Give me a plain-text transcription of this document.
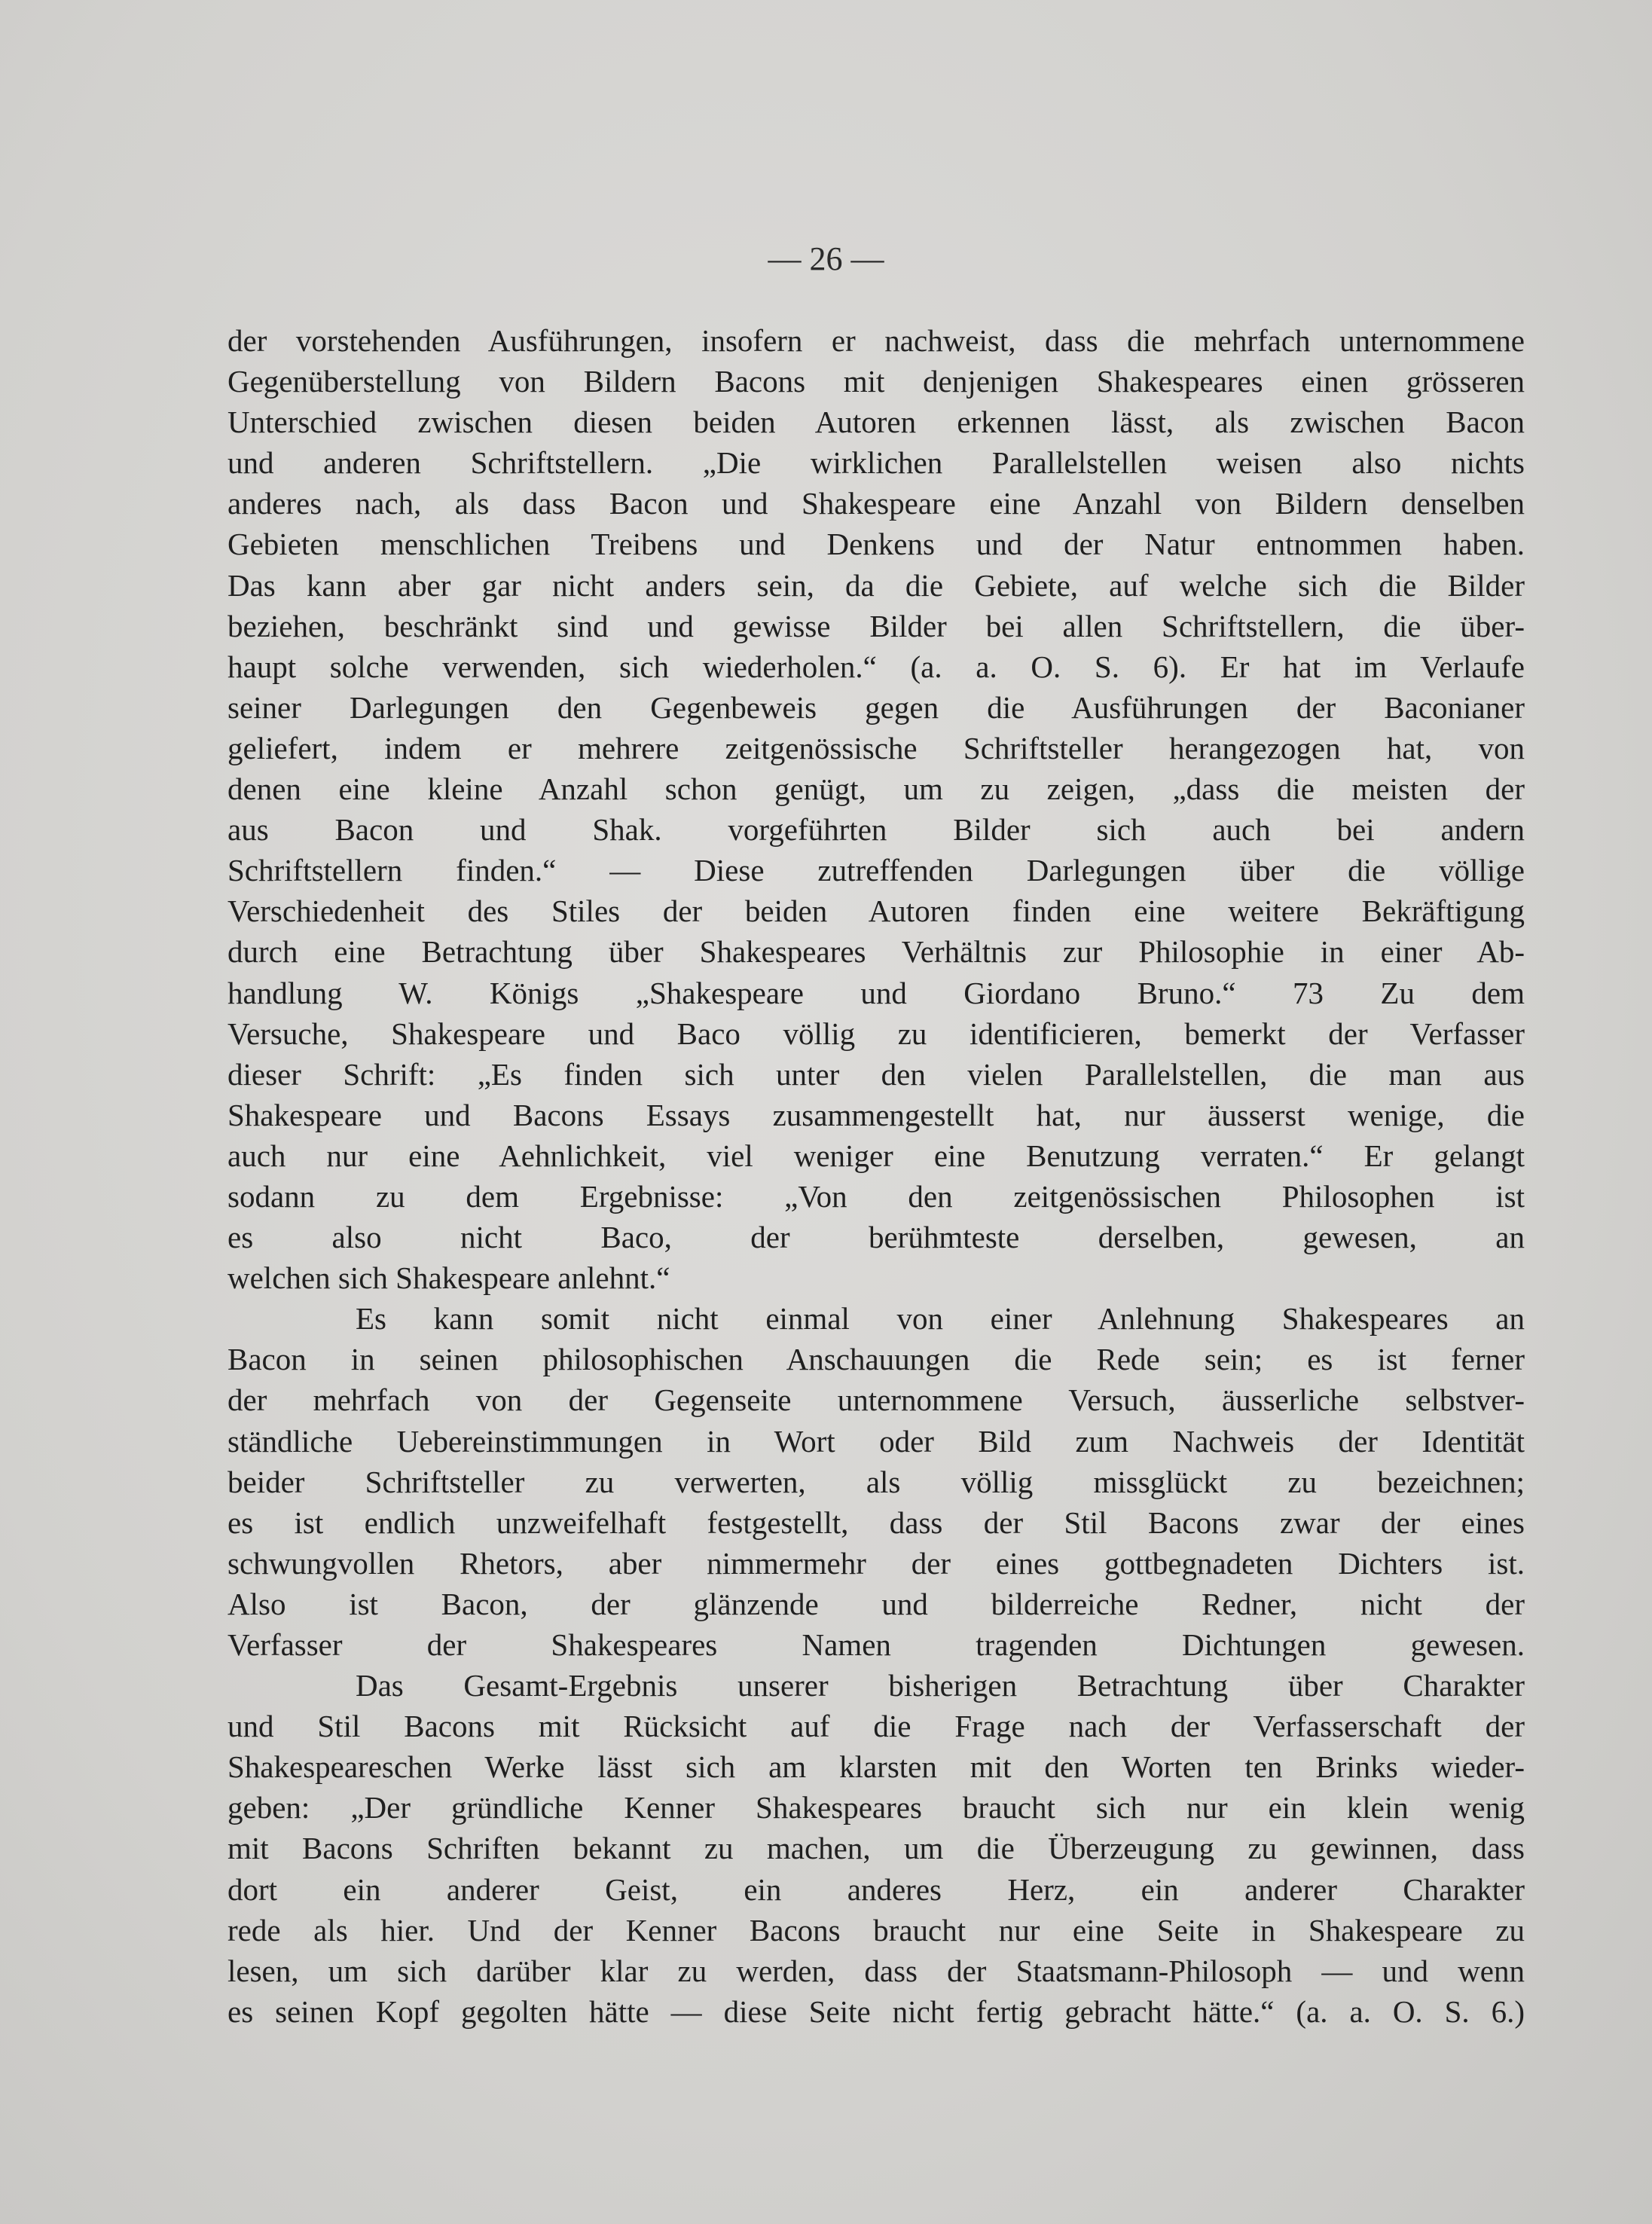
— 26 —
der vorstehenden Ausführungen, insofern er nachweist, dass die mehrfach unternommene
Gegenüberstellung von Bildern Bacons mit denjenigen Shakespeares einen grösseren
Unterschied zwischen diesen beiden Autoren erkennen lässt, als zwischen Bacon
und anderen Schriftstellern. „Die wirklichen Parallelstellen weisen also nichts
anderes nach, als dass Bacon und Shakespeare eine Anzahl von Bildern denselben
Gebieten menschlichen Treibens und Denkens und der Natur entnommen haben.
Das kann aber gar nicht anders sein, da die Gebiete, auf welche sich die Bilder
beziehen, beschränkt sind und gewisse Bilder bei allen Schriftstellern, die über-
haupt solche verwenden, sich wiederholen.“ (a. a. O. S. 6). Er hat im Verlaufe
seiner Darlegungen den Gegenbeweis gegen die Ausführungen der Baconianer
geliefert, indem er mehrere zeitgenössische Schriftsteller herangezogen hat, von
denen eine kleine Anzahl schon genügt, um zu zeigen, „dass die meisten der
aus Bacon und Shak. vorgeführten Bilder sich auch bei andern
Schriftstellern finden.“ — Diese zutreffenden Darlegungen über die völlige
Verschiedenheit des Stiles der beiden Autoren finden eine weitere Bekräftigung
durch eine Betrachtung über Shakespeares Verhältnis zur Philosophie in einer Ab-
handlung W. Königs „Shakespeare und Giordano Bruno.“ 73 Zu dem
Versuche, Shakespeare und Baco völlig zu identificieren, bemerkt der Verfasser
dieser Schrift: „Es finden sich unter den vielen Parallelstellen, die man aus
Shakespeare und Bacons Essays zusammengestellt hat, nur äusserst wenige, die
auch nur eine Aehnlichkeit, viel weniger eine Benutzung verraten.“ Er gelangt
sodann zu dem Ergebnisse: „Von den zeitgenössischen Philosophen ist
es also nicht Baco, der berühmteste derselben, gewesen, an
welchen sich Shakespeare anlehnt.“
Es kann somit nicht einmal von einer Anlehnung Shakespeares an
Bacon in seinen philosophischen Anschauungen die Rede sein; es ist ferner
der mehrfach von der Gegenseite unternommene Versuch, äusserliche selbstver-
ständliche Uebereinstimmungen in Wort oder Bild zum Nachweis der Identität
beider Schriftsteller zu verwerten, als völlig missglückt zu bezeichnen;
es ist endlich unzweifelhaft festgestellt, dass der Stil Bacons zwar der eines
schwungvollen Rhetors, aber nimmermehr der eines gottbegnadeten Dichters ist.
Also ist Bacon, der glänzende und bilderreiche Redner, nicht der
Verfasser der Shakespeares Namen tragenden Dichtungen gewesen.
Das Gesamt-Ergebnis unserer bisherigen Betrachtung über Charakter
und Stil Bacons mit Rücksicht auf die Frage nach der Verfasserschaft der
Shakespeareschen Werke lässt sich am klarsten mit den Worten ten Brinks wieder-
geben: „Der gründliche Kenner Shakespeares braucht sich nur ein klein wenig
mit Bacons Schriften bekannt zu machen, um die Überzeugung zu gewinnen, dass
dort ein anderer Geist, ein anderes Herz, ein anderer Charakter
rede als hier. Und der Kenner Bacons braucht nur eine Seite in Shakespeare zu
lesen, um sich darüber klar zu werden, dass der Staatsmann-Philosoph — und wenn
es seinen Kopf gegolten hätte — diese Seite nicht fertig gebracht hätte.“ (a. a. O. S. 6.)
